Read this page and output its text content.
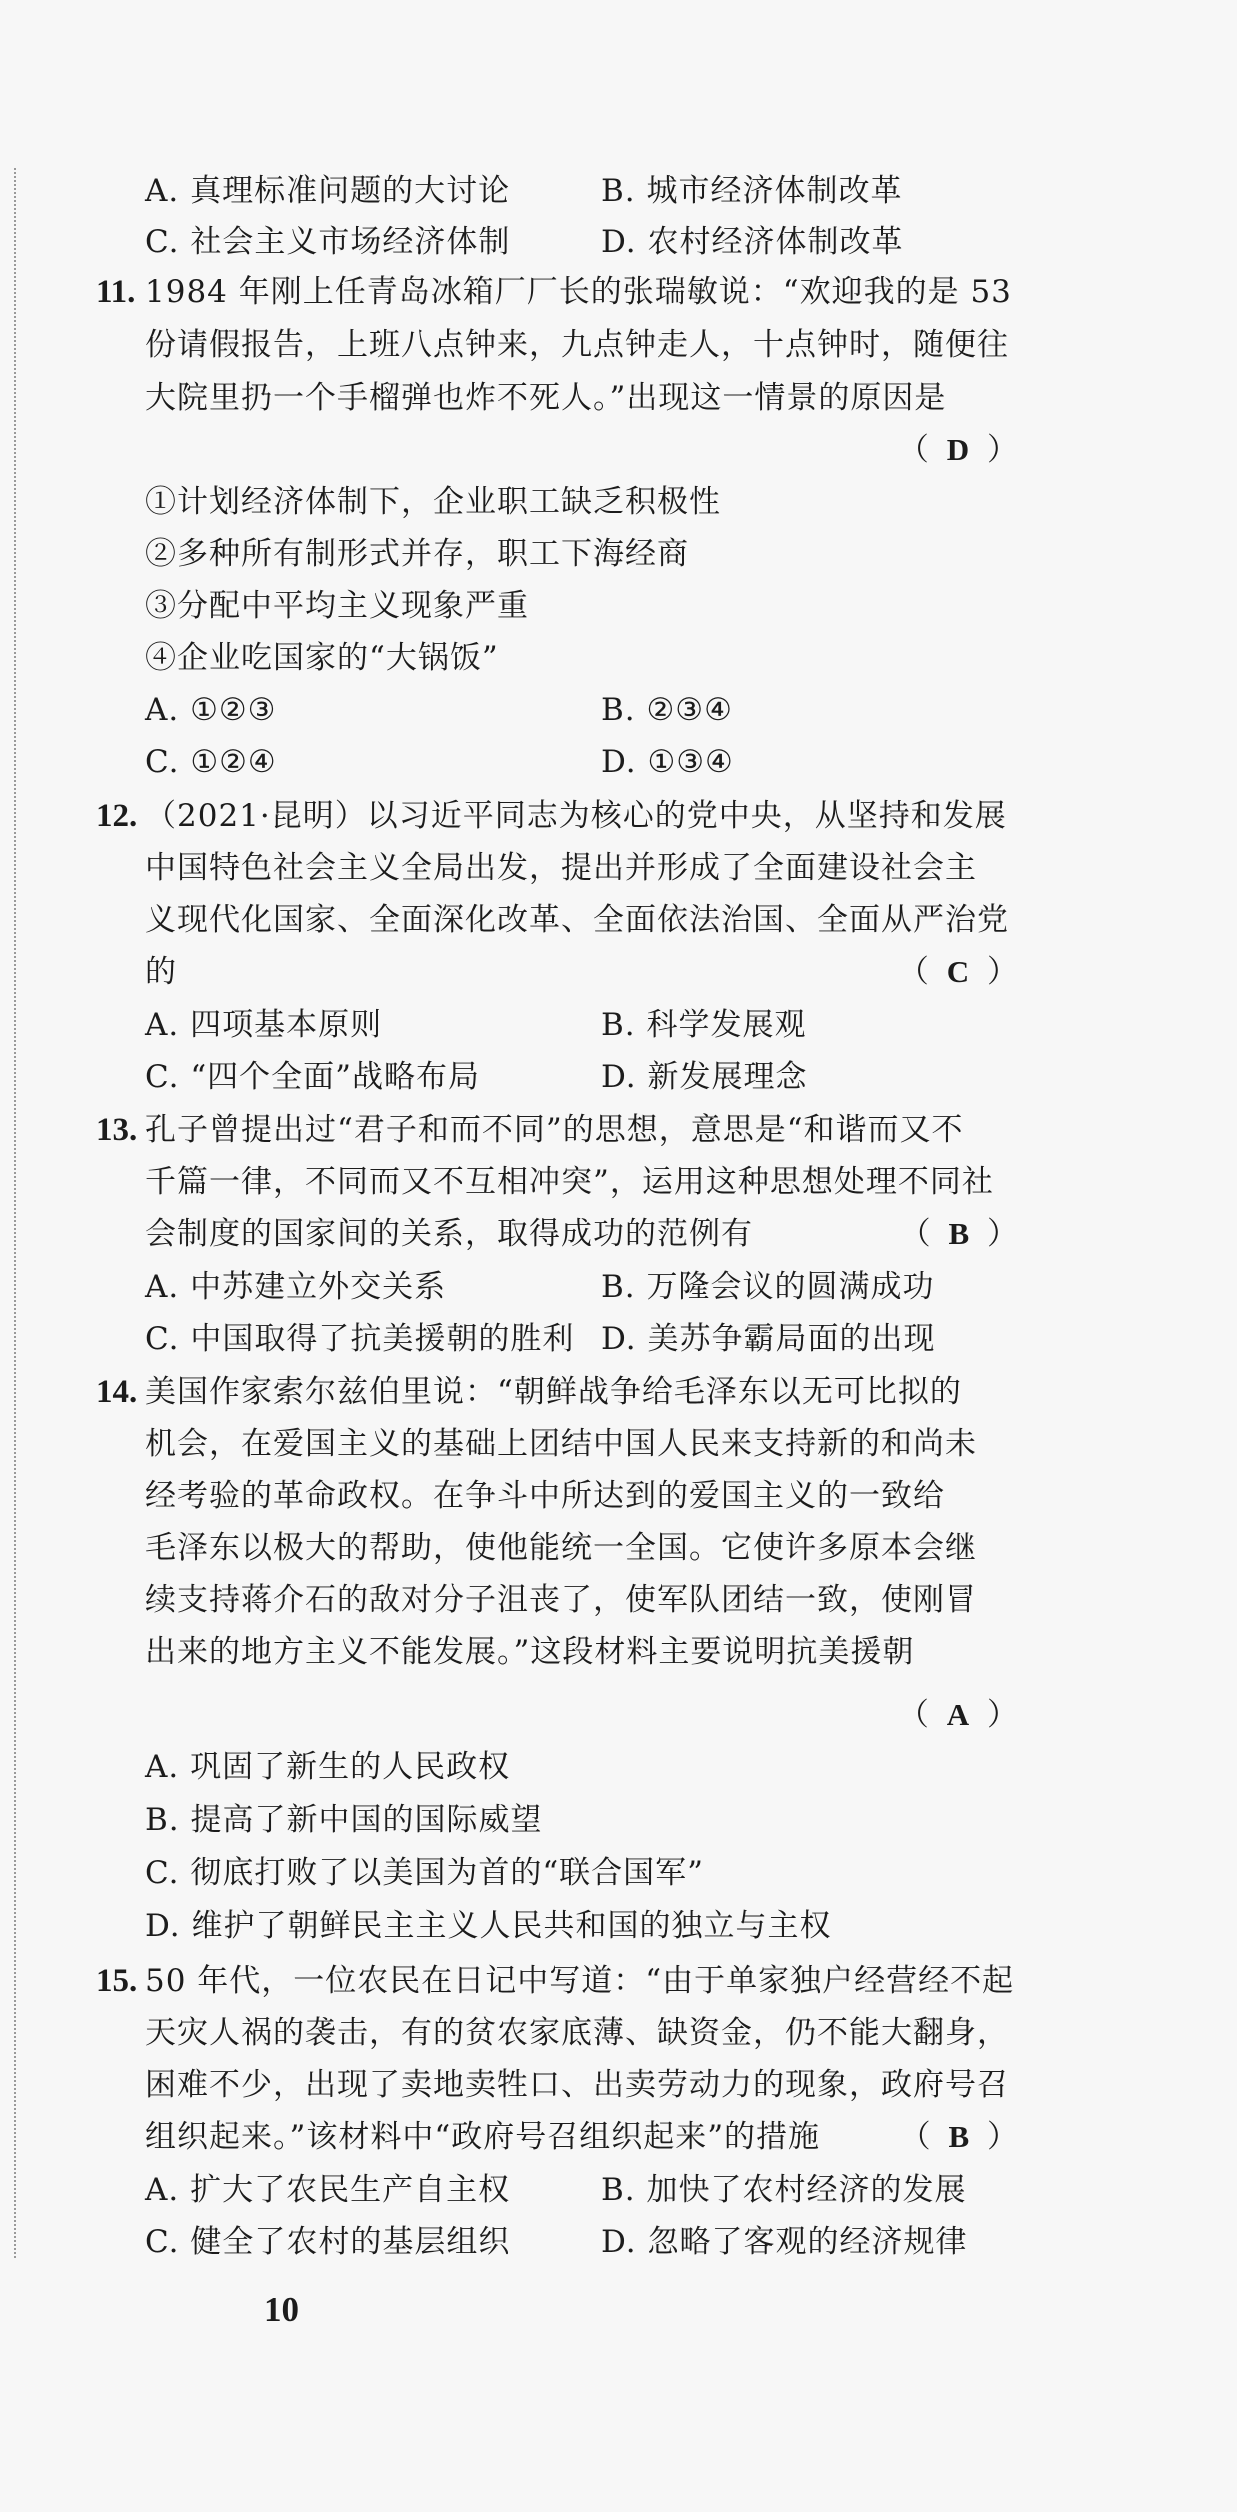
A. 真理标准问题的大讨论	B. 城市经济体制改革
C. 社会主义市场经济体制	D. 农村经济体制改革
11. 1984 年刚上任青岛冰箱厂厂长的张瑞敏说：“欢迎我的是 53
份请假报告，上班八点钟来，九点钟走人，十点钟时，随便往
大院里扔一个手榴弹也炸不死人。”出现这一情景的原因是
（ D ）
①计划经济体制下，企业职工缺乏积极性
②多种所有制形式并存，职工下海经商
③分配中平均主义现象严重
④企业吃国家的“大锅饭”
A. ①②③	B. ②③④
C. ①②④	D. ①③④
12. （2021·昆明）以习近平同志为核心的党中央，从坚持和发展
中国特色社会主义全局出发，提出并形成了全面建设社会主
义现代化国家、全面深化改革、全面依法治国、全面从严治党
的	（ C ）
A. 四项基本原则	B. 科学发展观
C. “四个全面”战略布局	D. 新发展理念
13. 孔子曾提出过“君子和而不同”的思想，意思是“和谐而又不
千篇一律，不同而又不互相冲突”，运用这种思想处理不同社
会制度的国家间的关系，取得成功的范例有	（ B ）
A. 中苏建立外交关系	B. 万隆会议的圆满成功
C. 中国取得了抗美援朝的胜利 D. 美苏争霸局面的出现
14. 美国作家索尔兹伯里说：“朝鲜战争给毛泽东以无可比拟的
机会，在爱国主义的基础上团结中国人民来支持新的和尚未
经考验的革命政权。在争斗中所达到的爱国主义的一致给
毛泽东以极大的帮助，使他能统一全国。它使许多原本会继
续支持蒋介石的敌对分子沮丧了，使军队团结一致，使刚冒
出来的地方主义不能发展。”这段材料主要说明抗美援朝
（ A ）
A. 巩固了新生的人民政权
B. 提高了新中国的国际威望
C. 彻底打败了以美国为首的“联合国军”
D. 维护了朝鲜民主主义人民共和国的独立与主权
15. 50 年代，一位农民在日记中写道：“由于单家独户经营经不起
天灾人祸的袭击，有的贫农家底薄、缺资金，仍不能大翻身，
困难不少，出现了卖地卖牲口、出卖劳动力的现象，政府号召
组织起来。”该材料中“政府号召组织起来”的措施	（ B ）
A. 扩大了农民生产自主权	B. 加快了农村经济的发展
C. 健全了农村的基层组织	D. 忽略了客观的经济规律
10
